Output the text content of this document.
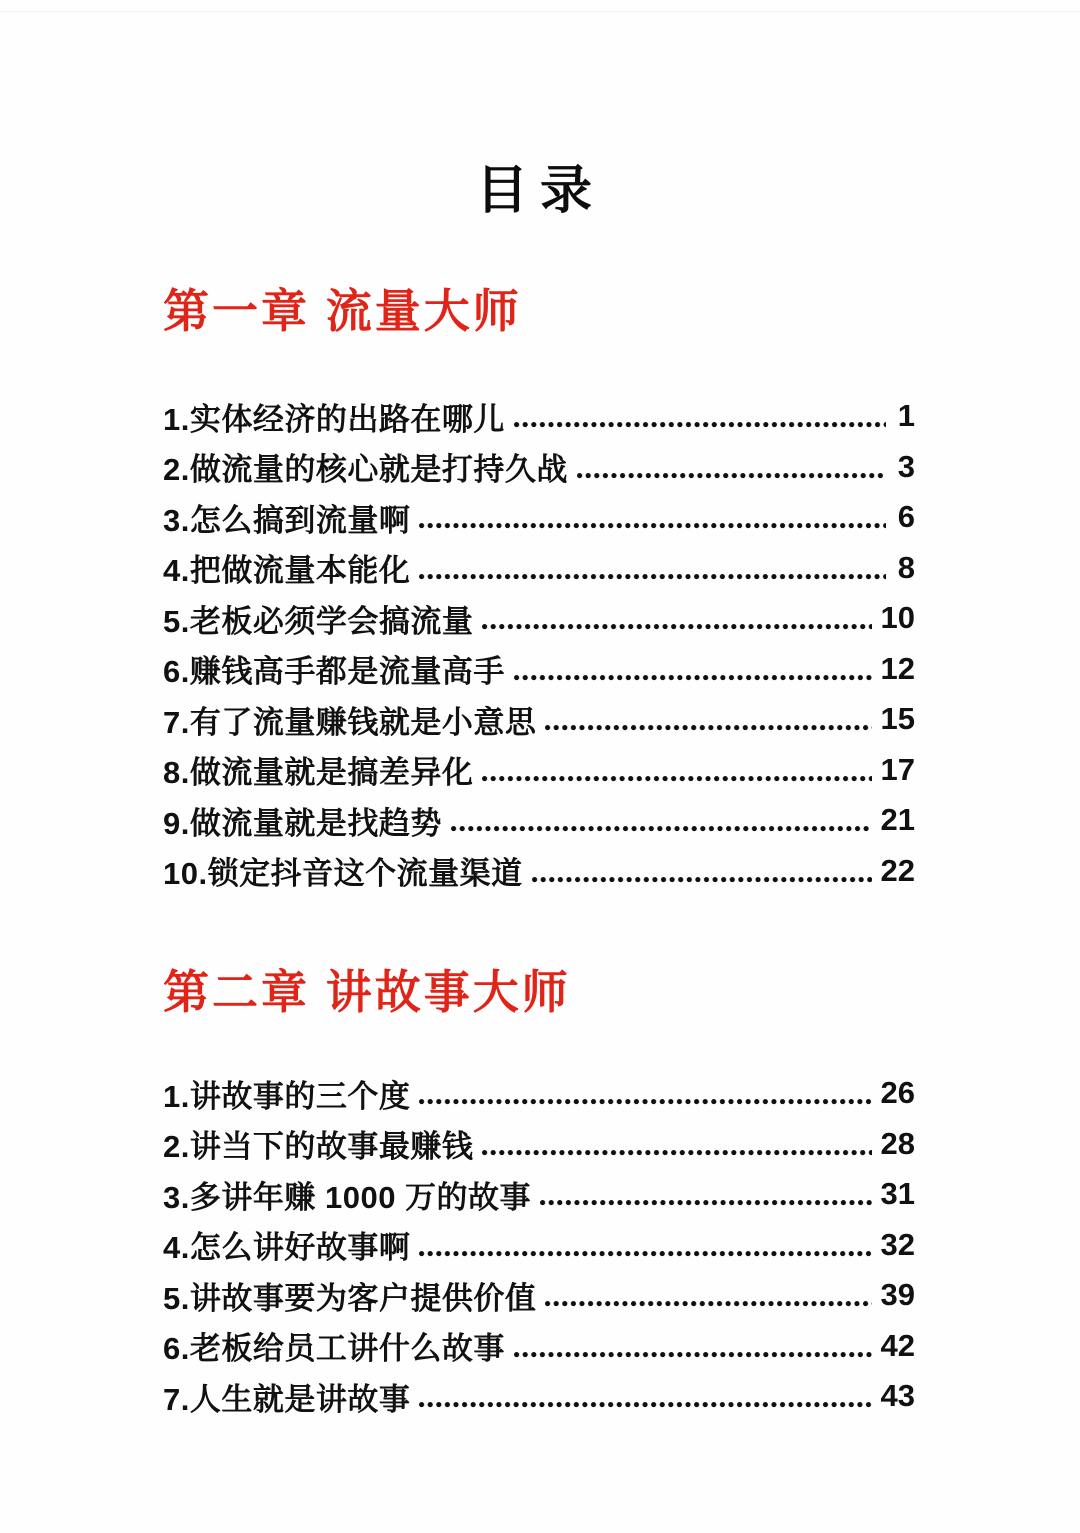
目录
第一章 流量大师
1.实体经济的出路在哪儿	1
2.做流量的核心就是打持久战	3
3.怎么搞到流量啊	6
4.把做流量本能化	8
5.老板必须学会搞流量	10
6.赚钱高手都是流量高手	12
7.有了流量赚钱就是小意思	15
8.做流量就是搞差异化	17
9.做流量就是找趋势	21
10.锁定抖音这个流量渠道	22
第二章 讲故事大师
1.讲故事的三个度	26
2.讲当下的故事最赚钱	28
3.多讲年赚 1000 万的故事	31
4.怎么讲好故事啊	32
5.讲故事要为客户提供价值	39
6.老板给员工讲什么故事	42
7.人生就是讲故事	43
